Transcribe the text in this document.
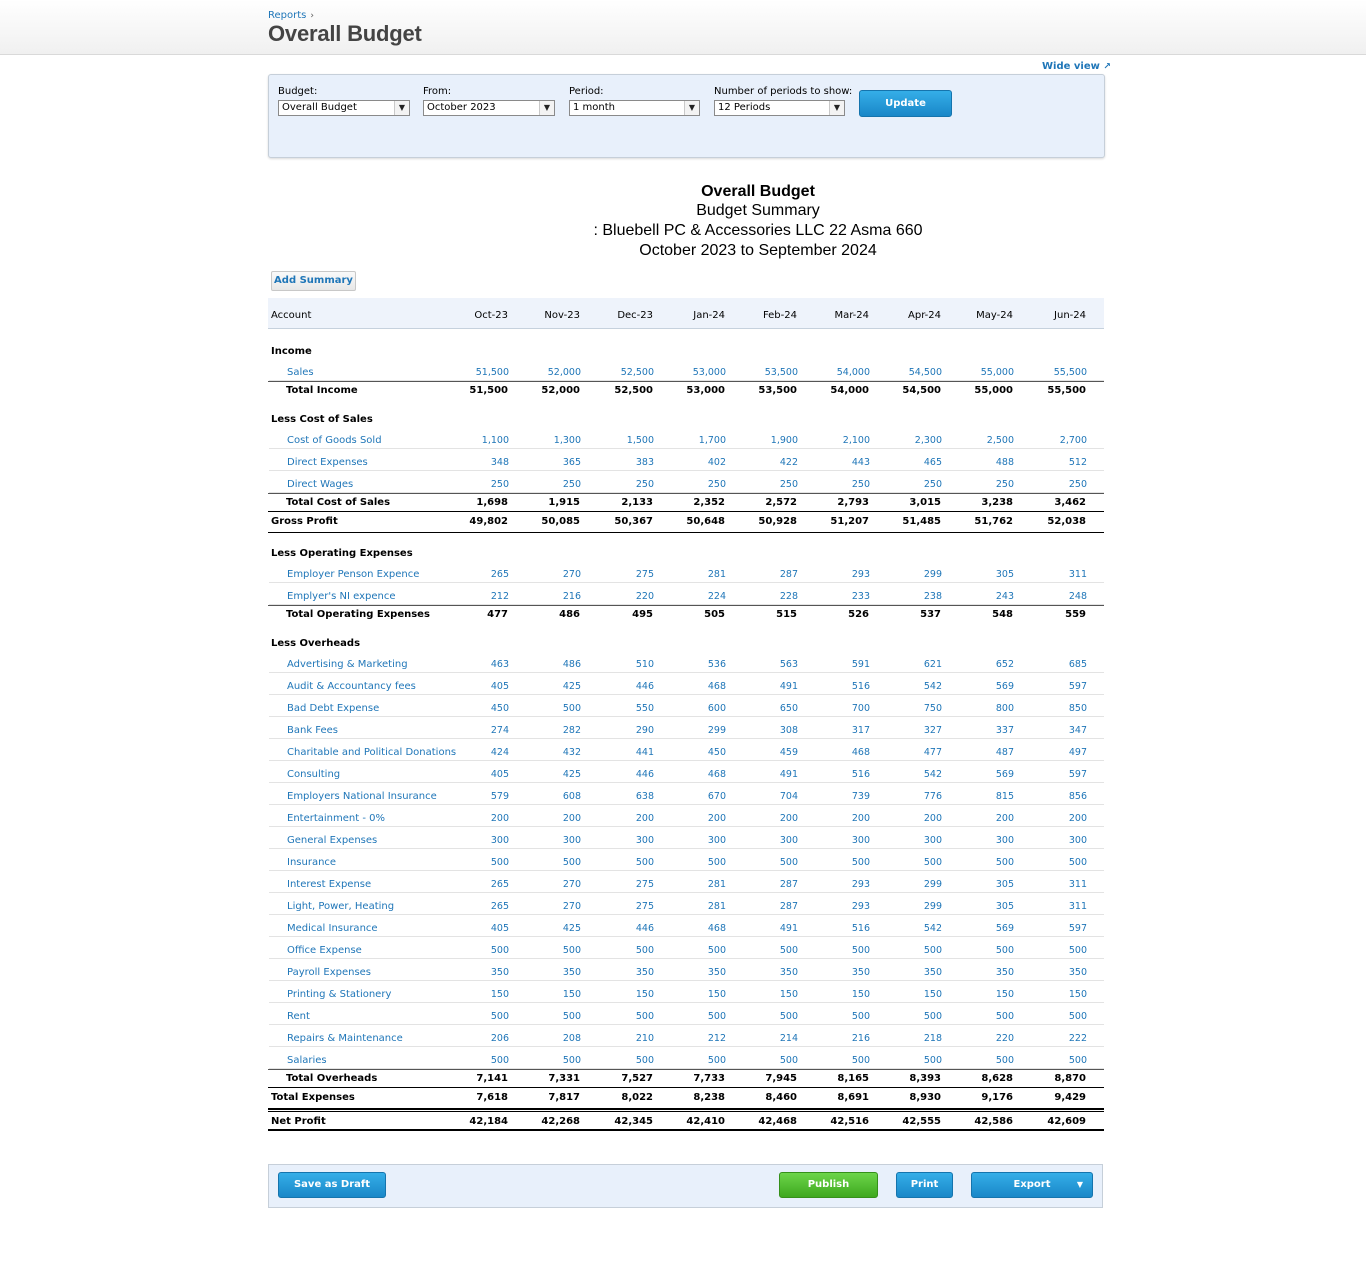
Reports ›
Overall Budget
Wide view ↗
Budget:
Overall Budget	▼
From:
October 2023	▼
Period:
1 month	▼
Number of periods to show:
12 Periods	▼	Update
Overall Budget
Budget Summary
: Bluebell PC & Accessories LLC 22 Asma 660
October 2023 to September 2024
Add Summary
Account	Oct-23	Nov-23	Dec-23	Jan-24	Feb-24	Mar-24	Apr-24	May-24	Jun-24
Income
Sales	51,500	52,000	52,500	53,000	53,500	54,000	54,500	55,000	55,500
Total Income	51,500	52,000	52,500	53,000	53,500	54,000	54,500	55,000	55,500
Less Cost of Sales
Cost of Goods Sold	1,100	1,300	1,500	1,700	1,900	2,100	2,300	2,500	2,700
Direct Expenses	348	365	383	402	422	443	465	488	512
Direct Wages	250	250	250	250	250	250	250	250	250
Total Cost of Sales	1,698	1,915	2,133	2,352	2,572	2,793	3,015	3,238	3,462
Gross Profit	49,802	50,085	50,367	50,648	50,928	51,207	51,485	51,762	52,038
Less Operating Expenses
Employer Penson Expence	265	270	275	281	287	293	299	305	311
Emplyer's NI expence	212	216	220	224	228	233	238	243	248
Total Operating Expenses	477	486	495	505	515	526	537	548	559
Less Overheads
Advertising & Marketing	463	486	510	536	563	591	621	652	685
Audit & Accountancy fees	405	425	446	468	491	516	542	569	597
Bad Debt Expense	450	500	550	600	650	700	750	800	850
Bank Fees	274	282	290	299	308	317	327	337	347
Charitable and Political Donations	424	432	441	450	459	468	477	487	497
Consulting	405	425	446	468	491	516	542	569	597
Employers National Insurance	579	608	638	670	704	739	776	815	856
Entertainment - 0%	200	200	200	200	200	200	200	200	200
General Expenses	300	300	300	300	300	300	300	300	300
Insurance	500	500	500	500	500	500	500	500	500
Interest Expense	265	270	275	281	287	293	299	305	311
Light, Power, Heating	265	270	275	281	287	293	299	305	311
Medical Insurance	405	425	446	468	491	516	542	569	597
Office Expense	500	500	500	500	500	500	500	500	500
Payroll Expenses	350	350	350	350	350	350	350	350	350
Printing & Stationery	150	150	150	150	150	150	150	150	150
Rent	500	500	500	500	500	500	500	500	500
Repairs & Maintenance	206	208	210	212	214	216	218	220	222
Salaries	500	500	500	500	500	500	500	500	500
Total Overheads	7,141	7,331	7,527	7,733	7,945	8,165	8,393	8,628	8,870
Total Expenses	7,618	7,817	8,022	8,238	8,460	8,691	8,930	9,176	9,429
Net Profit	42,184	42,268	42,345	42,410	42,468	42,516	42,555	42,586	42,609
Save as Draft	Publish	Print	Export	▼
